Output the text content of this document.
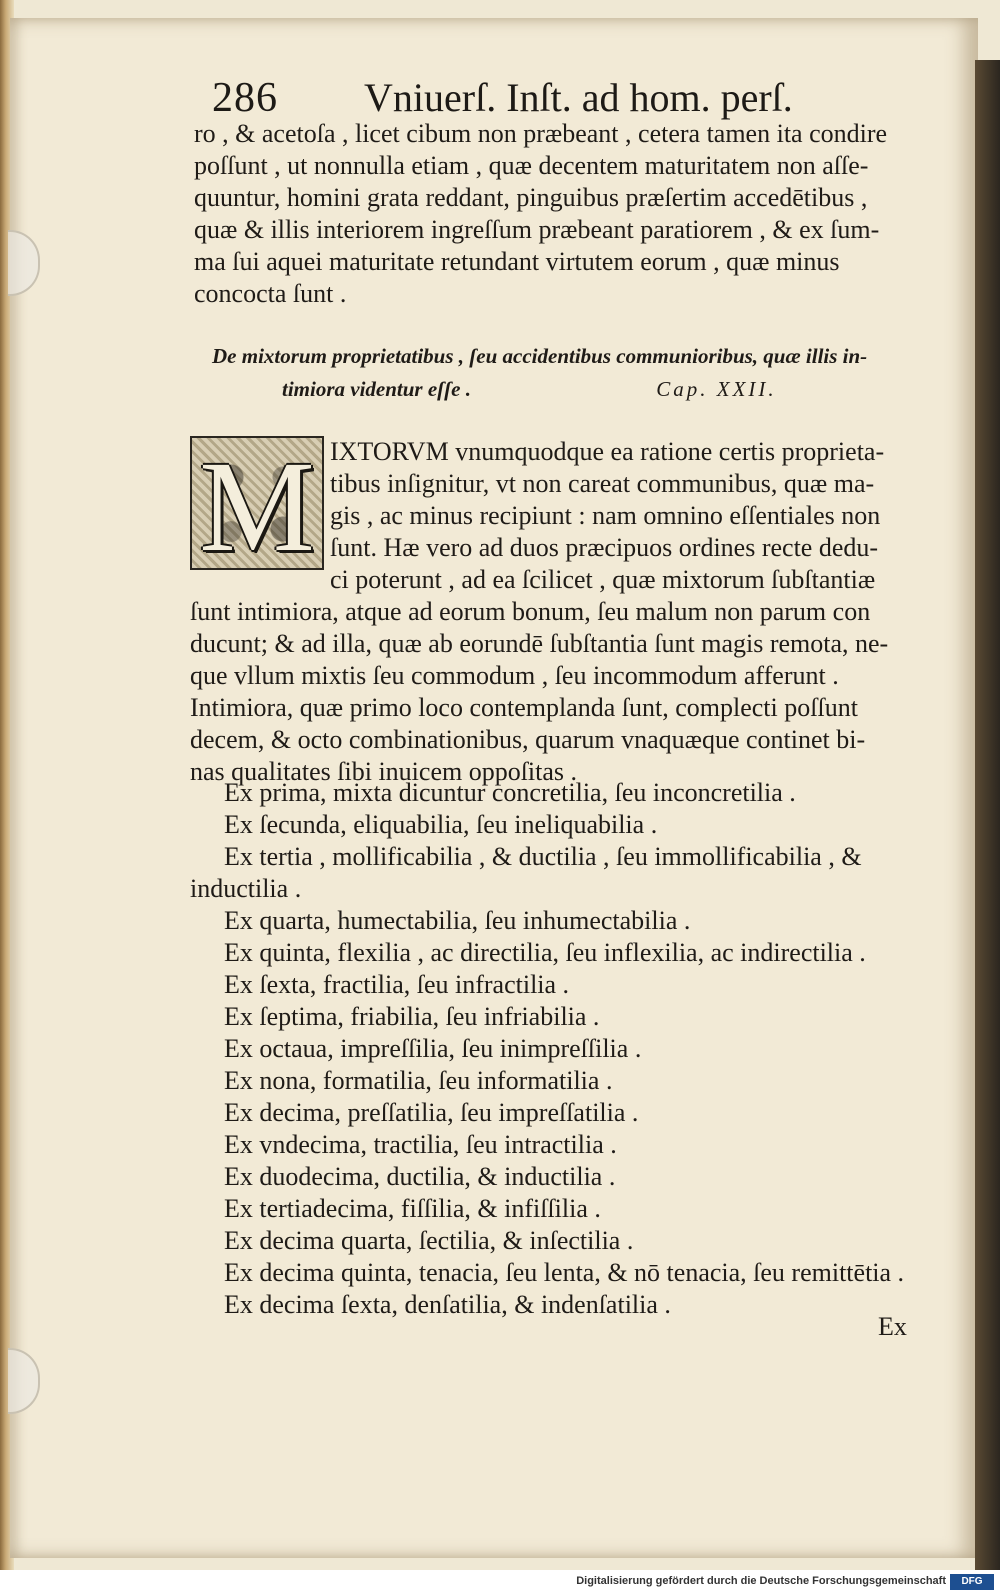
286 Vniuerſ. Inſt. ad hom. perſ.
ro , & acetoſa , licet cibum non præbeant , cetera tamen ita condire
poſſunt , ut nonnulla etiam , quæ decentem maturitatem non aſſe-
quuntur, homini grata reddant, pinguibus præſertim accedētibus ,
quæ & illis interiorem ingreſſum præbeant paratiorem , & ex ſum-
ma ſui aquei maturitate retundant virtutem eorum , quæ minus
concocta ſunt .
De mixtorum proprietatibus , ſeu accidentibus communioribus, quæ illis in-
timiora videntur eſſe .	Cap. XXII.
M IXTORVM vnumquodque ea ratione certis proprieta-
tibus inſignitur, vt non careat communibus, quæ ma-
gis , ac minus recipiunt : nam omnino eſſentiales non
ſunt. Hæ vero ad duos præcipuos ordines recte dedu-
ci poterunt , ad ea ſcilicet , quæ mixtorum ſubſtantiæ
ſunt intimiora, atque ad eorum bonum, ſeu malum non parum con
ducunt; & ad illa, quæ ab eorundē ſubſtantia ſunt magis remota, ne-
que vllum mixtis ſeu commodum , ſeu incommodum afferunt .
Intimiora, quæ primo loco contemplanda ſunt, complecti poſſunt
decem, & octo combinationibus, quarum vnaquæque continet bi-
nas qualitates ſibi inuicem oppoſitas .
Ex prima, mixta dicuntur concretilia, ſeu inconcretilia .
Ex ſecunda, eliquabilia, ſeu ineliquabilia .
Ex tertia , mollificabilia , & ductilia , ſeu immollificabilia , &
inductilia .
Ex quarta, humectabilia, ſeu inhumectabilia .
Ex quinta, flexilia , ac directilia, ſeu inflexilia, ac indirectilia .
Ex ſexta, fractilia, ſeu infractilia .
Ex ſeptima, friabilia, ſeu infriabilia .
Ex octaua, impreſſilia, ſeu inimpreſſilia .
Ex nona, formatilia, ſeu informatilia .
Ex decima, preſſatilia, ſeu impreſſatilia .
Ex vndecima, tractilia, ſeu intractilia .
Ex duodecima, ductilia, & inductilia .
Ex tertiadecima, fiſſilia, & infiſſilia .
Ex decima quarta, ſectilia, & inſectilia .
Ex decima quinta, tenacia, ſeu lenta, & nō tenacia, ſeu remittētia .
Ex decima ſexta, denſatilia, & indenſatilia .
Ex
Digitalisierung gefördert durch die Deutsche Forschungsgemeinschaft	DFG
